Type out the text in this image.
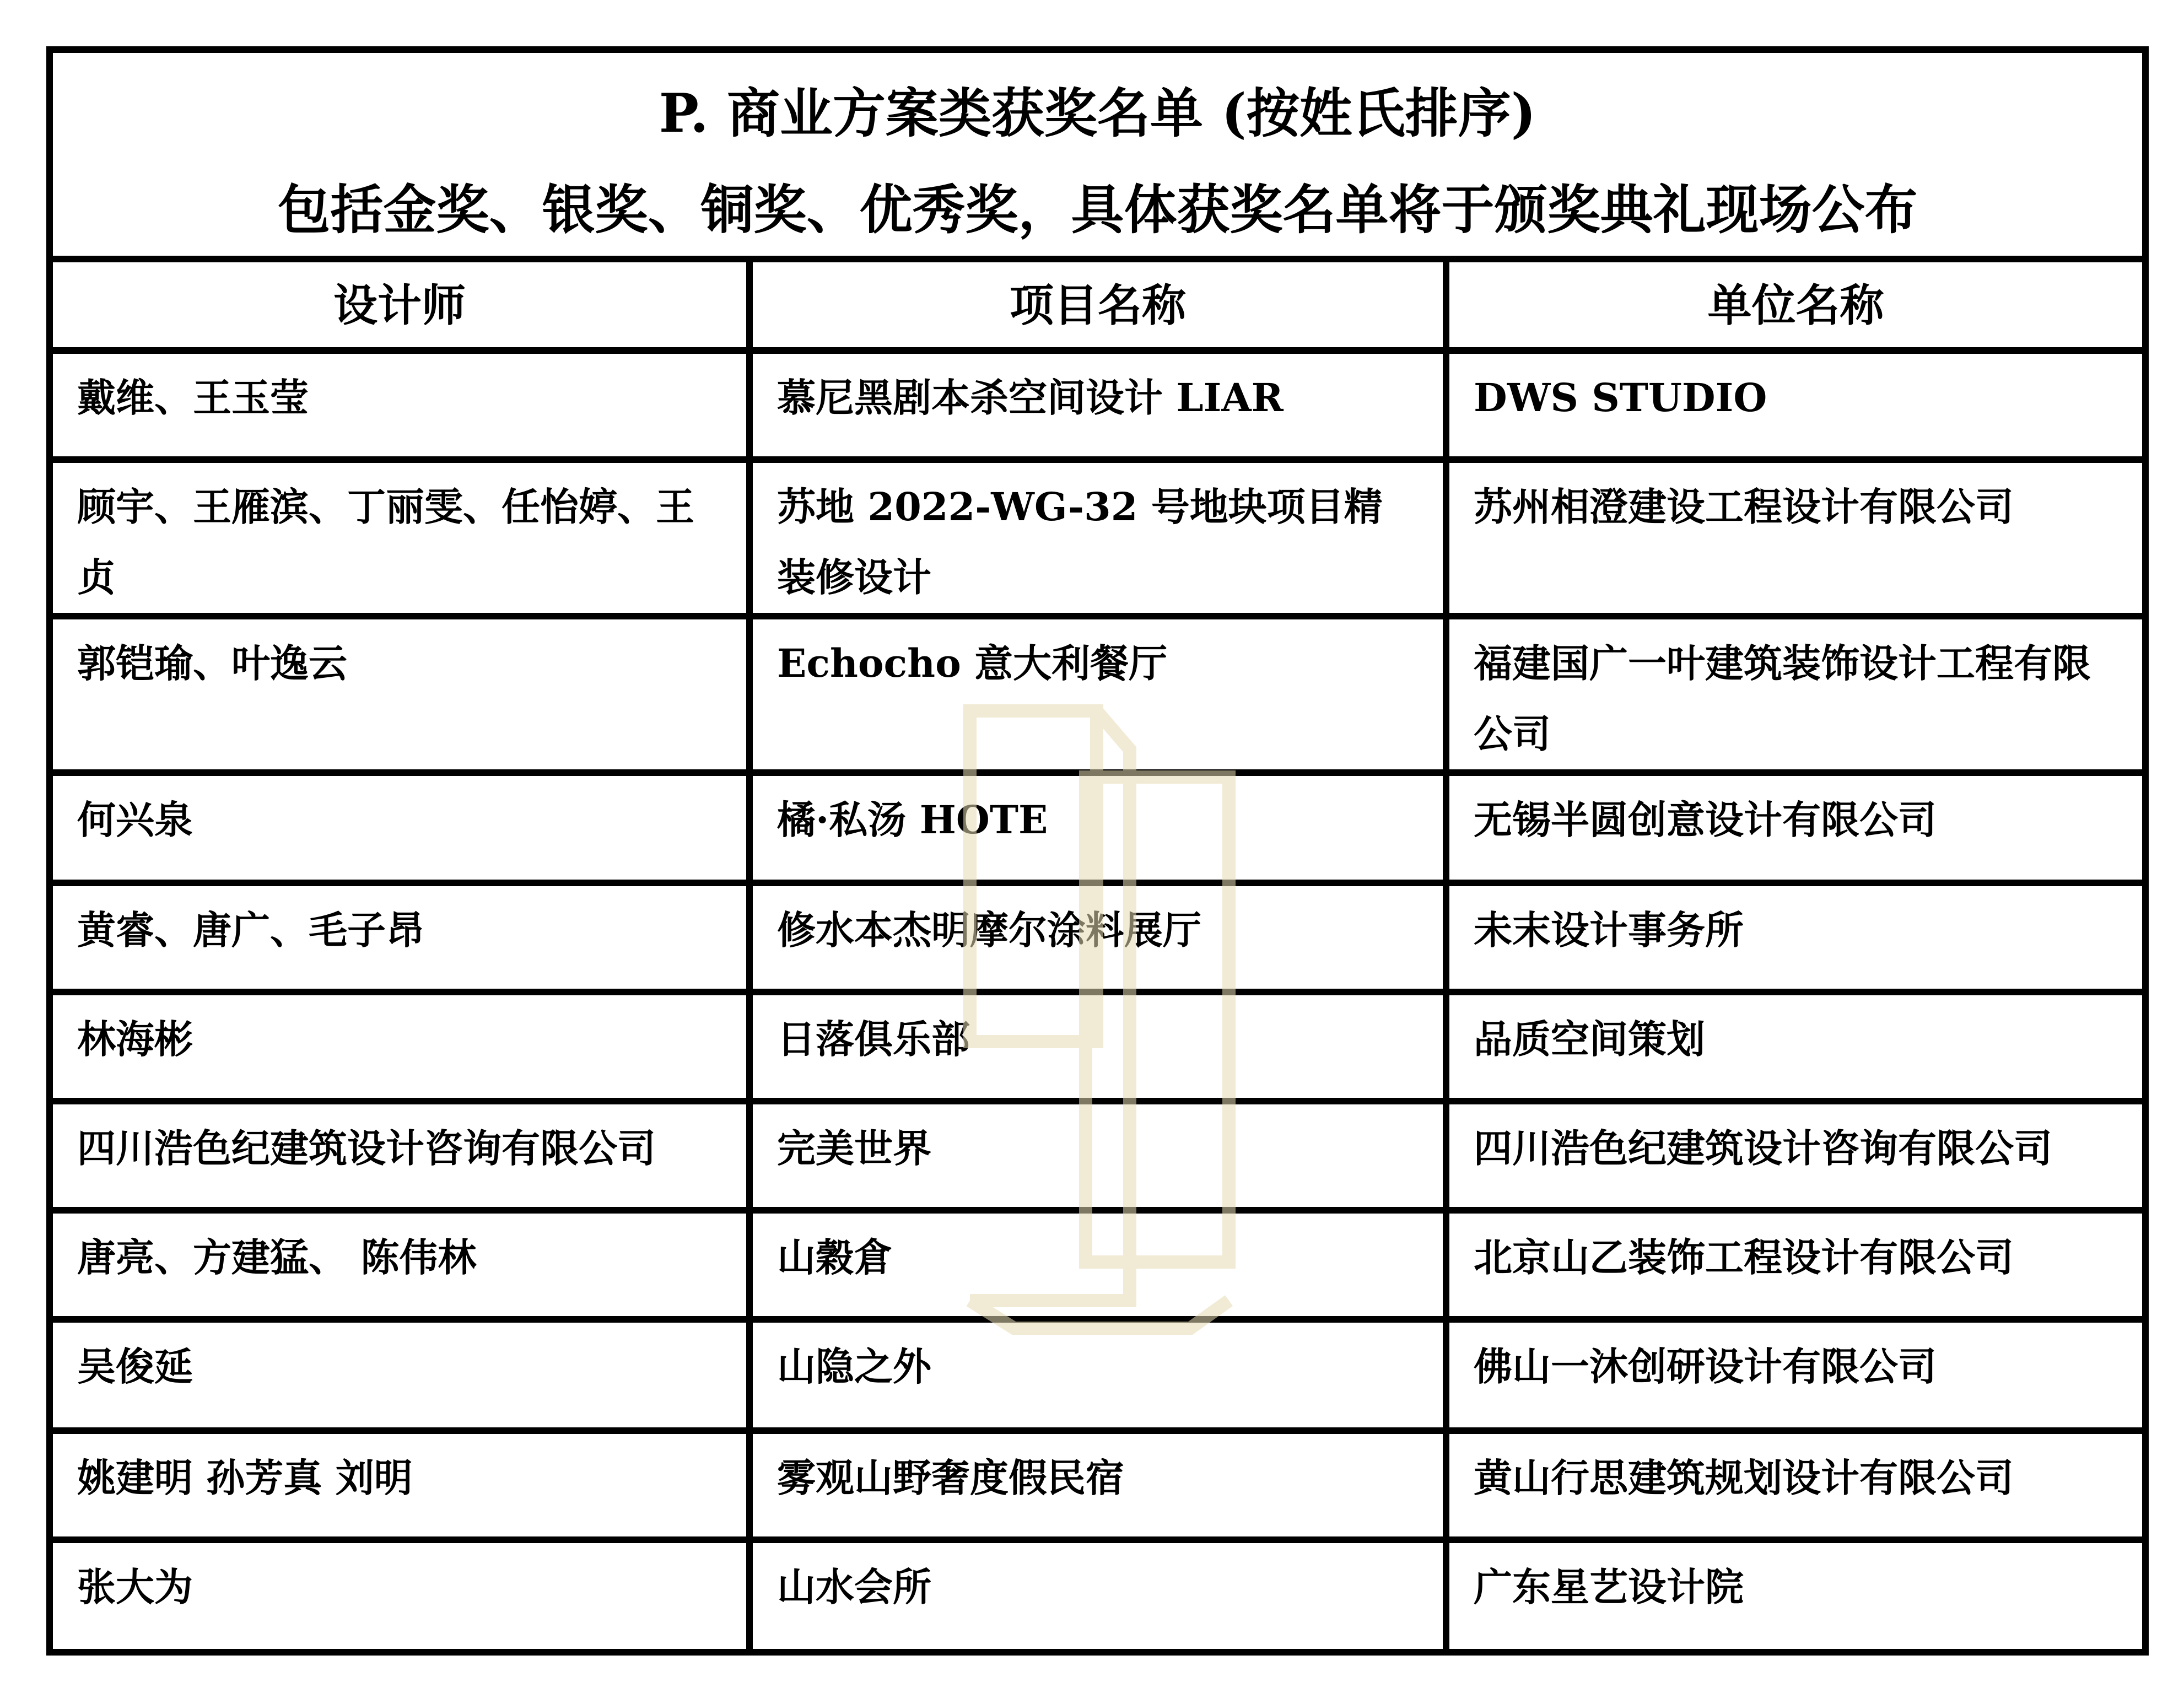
P. 商业方案类获奖名单 (按姓氏排序)
包括金奖、银奖、铜奖、优秀奖，具体获奖名单将于颁奖典礼现场公布
设计师	项目名称	单位名称
戴维、王玉莹	慕尼黑剧本杀空间设计 LIAR	DWS STUDIO
顾宇、王雁滨、丁丽雯、任怡婷、王贞	苏地 2022-WG-32 号地块项目精装修设计	苏州相澄建设工程设计有限公司
郭铠瑜、叶逸云	Echocho 意大利餐厅	福建国广一叶建筑装饰设计工程有限公司
何兴泉	橘·私汤 HOTE	无锡半圆创意设计有限公司
黄睿、唐广、毛子昂	修水本杰明摩尔涂料展厅	未末设计事务所
林海彬	日落俱乐部	品质空间策划
四川浩色纪建筑设计咨询有限公司	完美世界	四川浩色纪建筑设计咨询有限公司
唐亮、方建猛、 陈伟林	山穀倉	北京山乙装饰工程设计有限公司
吴俊延	山隐之外	佛山一沐创研设计有限公司
姚建明 孙芳真 刘明	雾观山野奢度假民宿	黄山行思建筑规划设计有限公司
张大为	山水会所	广东星艺设计院
